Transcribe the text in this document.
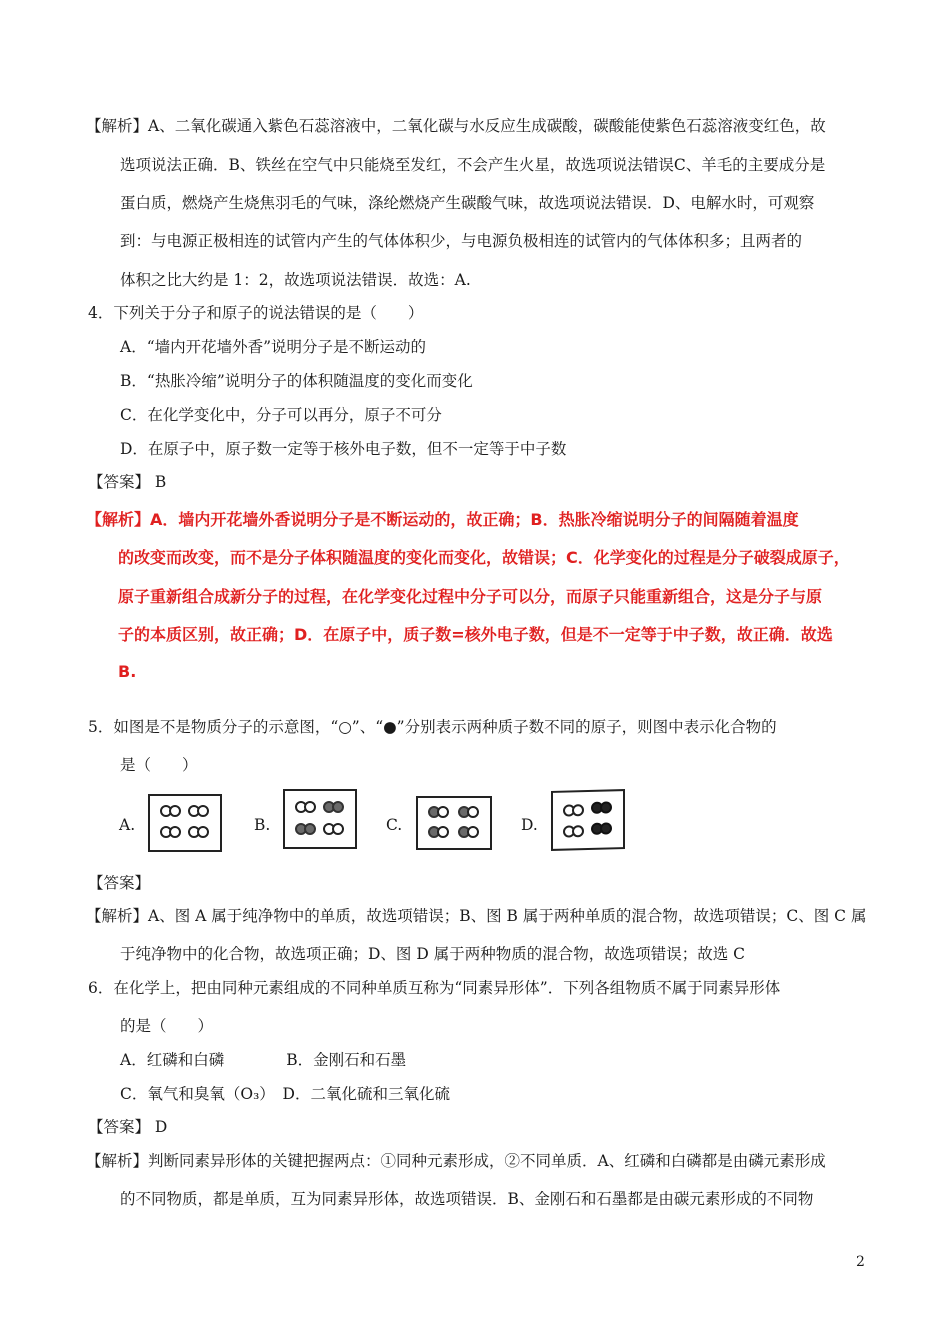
【解析】A、二氧化碳通入紫色石蕊溶液中，二氧化碳与水反应生成碳酸，碳酸能使紫色石蕊溶液变红色，故
选项说法正确．B、铁丝在空气中只能烧至发红，不会产生火星，故选项说法错误C、羊毛的主要成分是
蛋白质，燃烧产生烧焦羽毛的气味，涤纶燃烧产生碳酸气味，故选项说法错误．D、电解水时，可观察
到：与电源正极相连的试管内产生的气体体积少，与电源负极相连的试管内的气体体积多；且两者的
体积之比大约是 1：2，故选项说法错误．故选：A.
4．下列关于分子和原子的说法错误的是（　　）
A．“墙内开花墙外香”说明分子是不断运动的
B．“热胀冷缩”说明分子的体积随温度的变化而变化
C．在化学变化中，分子可以再分，原子不可分
D．在原子中，原子数一定等于核外电子数，但不一定等于中子数
【答案】 B
【解析】A．墙内开花墙外香说明分子是不断运动的，故正确；B．热胀冷缩说明分子的间隔随着温度
的改变而改变，而不是分子体积随温度的变化而变化，故错误；C．化学变化的过程是分子破裂成原子，
原子重新组合成新分子的过程，在化学变化过程中分子可以分，而原子只能重新组合，这是分子与原
子的本质区别，故正确；D．在原子中，质子数=核外电子数，但是不一定等于中子数，故正确．故选
B.
5．如图是不是物质分子的示意图，“○”、“●”分别表示两种质子数不同的原子，则图中表示化合物的
是（　　）
A.	B.	C.	D.
【答案】
【解析】A、图 A 属于纯净物中的单质，故选项错误；B、图 B 属于两种单质的混合物，故选项错误；C、图 C 属
于纯净物中的化合物，故选项正确；D、图 D 属于两种物质的混合物，故选项错误；故选 C
6．在化学上，把由同种元素组成的不同种单质互称为“同素异形体”．下列各组物质不属于同素异形体
的是（　　）
A．红磷和白磷　　　　B．金刚石和石墨
C．氧气和臭氧（O₃）　D．二氧化硫和三氧化硫
【答案】 D
【解析】判断同素异形体的关键把握两点：①同种元素形成，②不同单质．A、红磷和白磷都是由磷元素形成
的不同物质，都是单质，互为同素异形体，故选项错误．B、金刚石和石墨都是由碳元素形成的不同物
2
